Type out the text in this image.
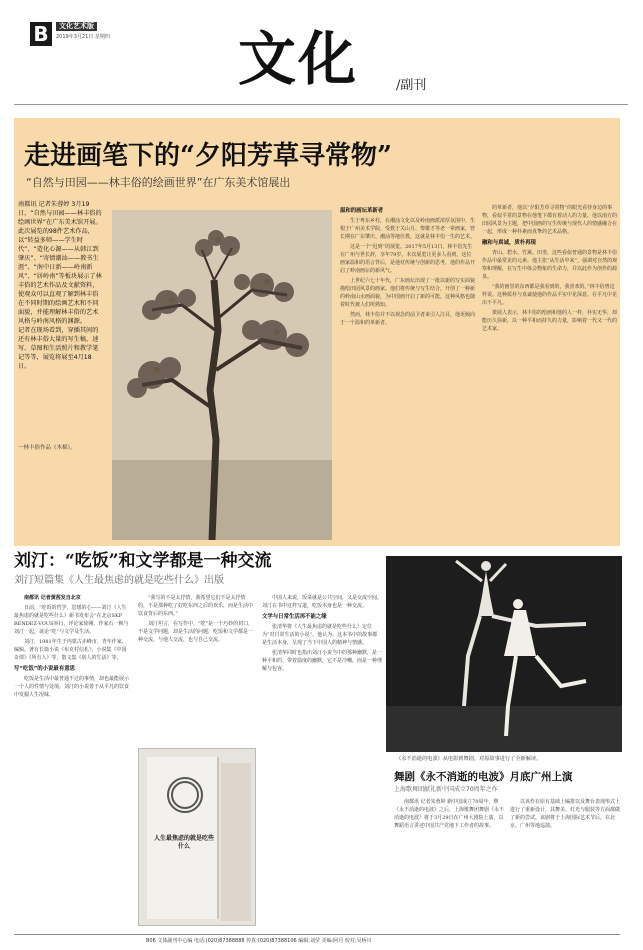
B	文化艺术版
2019年3月21日 星期四 文化	/副刊
走进画笔下的“夕阳芳草寻常物”
“自然与田园——林丰俗的绘画世界”在广东美术馆展出
南都讯 记者朱蓉婷 3月19日，“自然与田园——林丰俗的绘画世界”在广东美术馆开展。
此次展览的98件艺术作品，以“转益多师——学生时代”、“造化心源——从韩江到肇庆”、“寄情潮汕——教书生涯”、“南中日新——岭南新风”、“居岭南”等板块展示了林丰俗的艺术作品及文献资料，使观众可以直观了解到林丰俗在不同时期的绘画艺术和不同面貌，并能理解林丰俗的艺术风格与岭南风格的渊源。
记者在现场看到，穿插其间的还有林丰俗大量的写生稿、速写、草图和生活照片和教学笔记等等，展览将展至4月18日。
一林丰俗作品《木棉》。
温和的画坛革新者

生于粤东乡村，在潮汕文化以及岭南画派浓厚氛围中，生根于广州美术学院，受教于关山月、黎雄才等老一辈画家，曾长期在广东肇庆、潮汕等地任教，这就是林丰俗一生的艺术。

这是一个“迟到”的展览。2017年5月13日，林丰俗先生在广州与世长辞，享年79岁。本次展览让更多人看到，这位画家温和的语言背后，是他对传统与创新的思考，他的作品开启了岭南画坛的新风气。

上世纪六七十年代，广东画坛出现了一批以新的写实面貌描绘田园风景的画家。他们将传统与写生结合，开创了一种新的岭南山水画面貌，为中国画开启了新的可能，这种风格也随着时代被人们所熟知。

然而，林丰俗并不以观念的前卫者来引人注目，他更倾向于一个温和的革新者。

的革新者，他以“夕阳芳草寻常物”的眼光看待身边的事物，看似平常的景物在他笔下都有着动人的力量。他以南方的田园风景为主题，把中国画的写生传统与现代人的情感融合在一起，形成一种朴素而真挚的艺术品格。

融和与真诚，质朴再现

青山、碧水、竹篱、田垄，这些看似普通的景物是林丰俗作品中最常见的元素。他主张“从生活中来”，强调对自然的观察和理解，在写生中体会物象的生命力，并以此作为创作的源泉。

“我的画里的东西都是我看到的，我喜欢的。”林丰俗曾这样说。这种质朴与真诚使他的作品平实中见深意，在平凡中见出不平凡。

策展人表示，林丰俗的绘画和他的人一样，朴实无华，却能历久弥新，以一种平和而持久的力量，影响着一代又一代的艺术家。

刘汀：“吃饭”和文学都是一种交流
刘汀短篇集《人生最焦虑的就是吃些什么》出版

南都讯 记者黄茜发自北京

日前，“吃饭的哲学，思想的心——刘汀《人生最焦虑的就是吃些什么》新书发布会”在北京SKP RENDEZ-VOUS举行，评论家徐刚、作家石一枫与刘汀一起，谈论“吃”与文学及生活。

刘汀，1981年生于内蒙古赤峰市，青年作家、编辑，著有长篇小说《布克村信札》，小说集《中国奇谭》《所有人》等，散文集《别人的生活》等。

写“吃饭”的小说最有意思

吃饭是生活中最普通不过的事情，却也最能展示一个人的性情与处境。刘汀的小说善于从平凡的饮食中发掘人生况味。

“我写的不是太抒情，我希望它们不是太抒情的，不是那种吃了好吃东西之后的欢乐，而是生活中饮食背后的东西。”

刘汀坦言，在写作中，“吃”是一个巧妙的切口，不是文学问题，却是生活的问题，吃饭和文学都是一种交流，与他人交流，也与自己交流。

中国人来说，饭菜就是公共空间，又是交流空间。刘汀在书中这样写道，吃饭本身也是一种交流。

文学与日常生活再不能之缘

张清华将《人生最焦虑的就是吃些什么》定位为“对日常生活的小说”。他认为，这本书中的故事都是生活本身，呈现了当下中国人的精神与情感。

张清华同时也指出刘汀小说当中的那种幽默，是一种平和的、带着温度的幽默，它不是冷嘲，而是一种理解与包容。

人生最焦虑的就是吃些什么
《永不消逝的电波》从电影到舞剧，对原故事进行了全新解读。
舞剧《永不消逝的电波》月底广州上演
上海歌舞团献礼新中国成立70周年之作

南都讯 记者朱蓉婷 新中国成立70周年，继《永不消逝的电波》之后，上海歌舞团舞剧《永不消逝的电波》将于3月29日在广州大剧院上演，以舞蹈语言讲述中国共产党地下工作者的故事。

以该作在原有基础上编排以及舞台表现形式上进行了重新设计，其舞美、灯光与服装等方面都做了新的尝试。该剧将于上海国际艺术节后，在北京、广州等地巡演。

B06 文体副刊中心编 电话:(020)87388888 传真:(020)87388106 编辑:刘莹 美编:阿丹 校对:吴桥川
